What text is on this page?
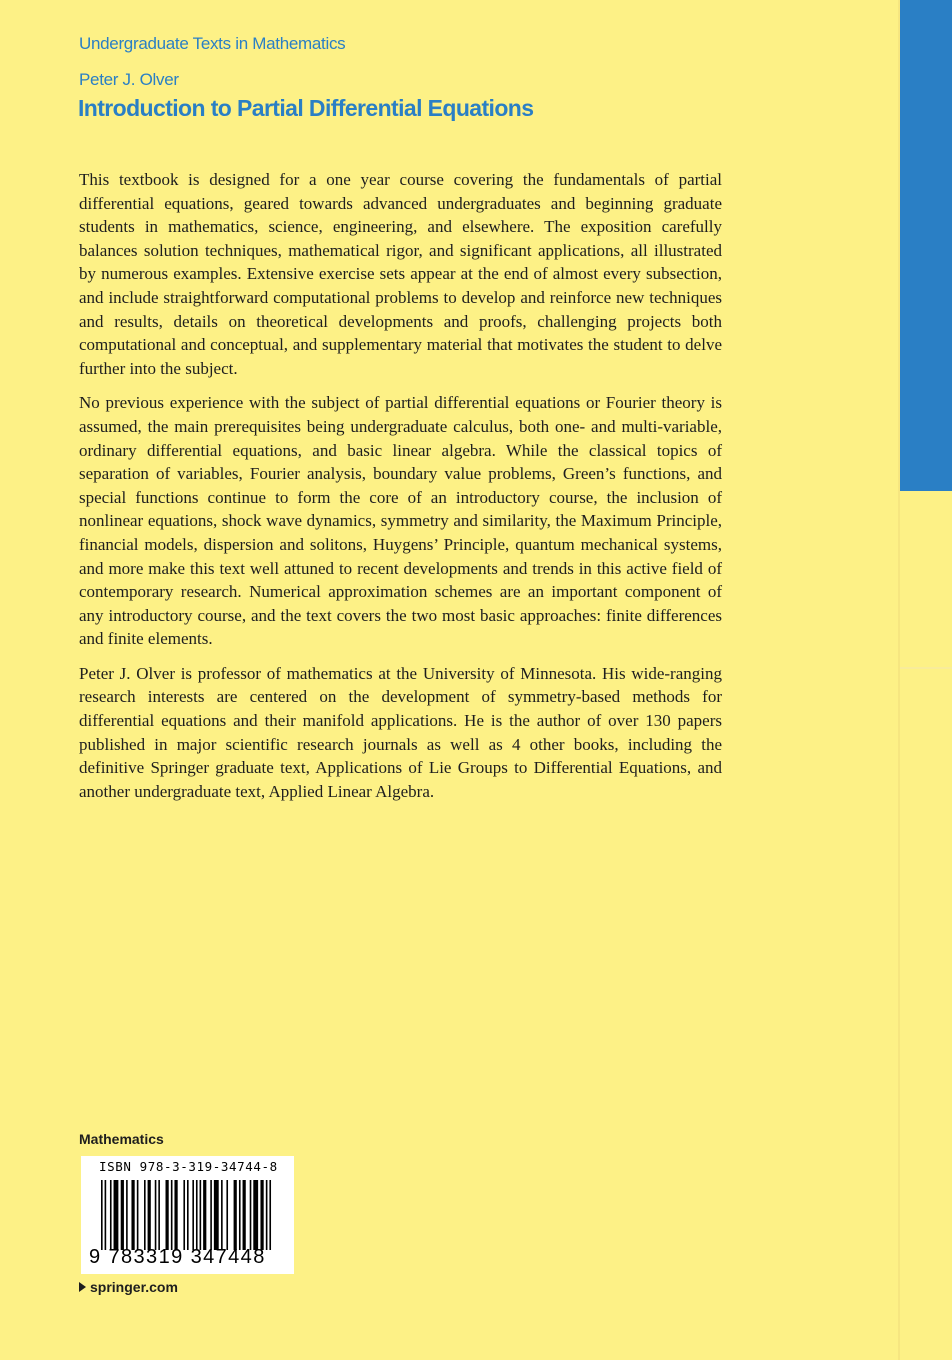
Undergraduate Texts in Mathematics
Peter J. Olver
Introduction to Partial Differential Equations

This textbook is designed for a one year course covering the fundamentals of partial differential equations, geared towards advanced undergraduates and beginning graduate students in mathematics, science, engineering, and elsewhere. The exposition carefully balances solution techniques, mathematical rigor, and significant applications, all illustrated by numerous examples. Extensive exercise sets appear at the end of almost every subsection, and include straightforward computational problems to develop and reinforce new techniques and results, details on theoretical developments and proofs, challenging projects both computational and conceptual, and supplementary material that motivates the student to delve further into the subject.

No previous experience with the subject of partial differential equations or Fourier theory is assumed, the main prerequisites being undergraduate calculus, both one- and multi-variable, ordinary differential equations, and basic linear algebra. While the classical topics of separation of variables, Fourier analysis, boundary value problems, Green’s functions, and special functions continue to form the core of an introductory course, the inclusion of nonlinear equations, shock wave dynamics, symmetry and similarity, the Maximum Principle, financial models, dispersion and solitons, Huygens’ Principle, quantum mechanical systems, and more make this text well attuned to recent developments and trends in this active field of contemporary research. Numerical approximation schemes are an important component of any introductory course, and the text covers the two most basic approaches: finite differences and finite elements.

Peter J. Olver is professor of mathematics at the University of Minnesota. His wide-ranging research interests are centered on the development of symmetry-based methods for differential equations and their manifold applications. He is the author of over 130 papers published in major scientific research journals as well as 4 other books, including the definitive Springer graduate text, Applications of Lie Groups to Differential Equations, and another undergraduate text, Applied Linear Algebra.

Mathematics
ISBN 978-3-319-34744-8
9 783319 347448
springer.com
